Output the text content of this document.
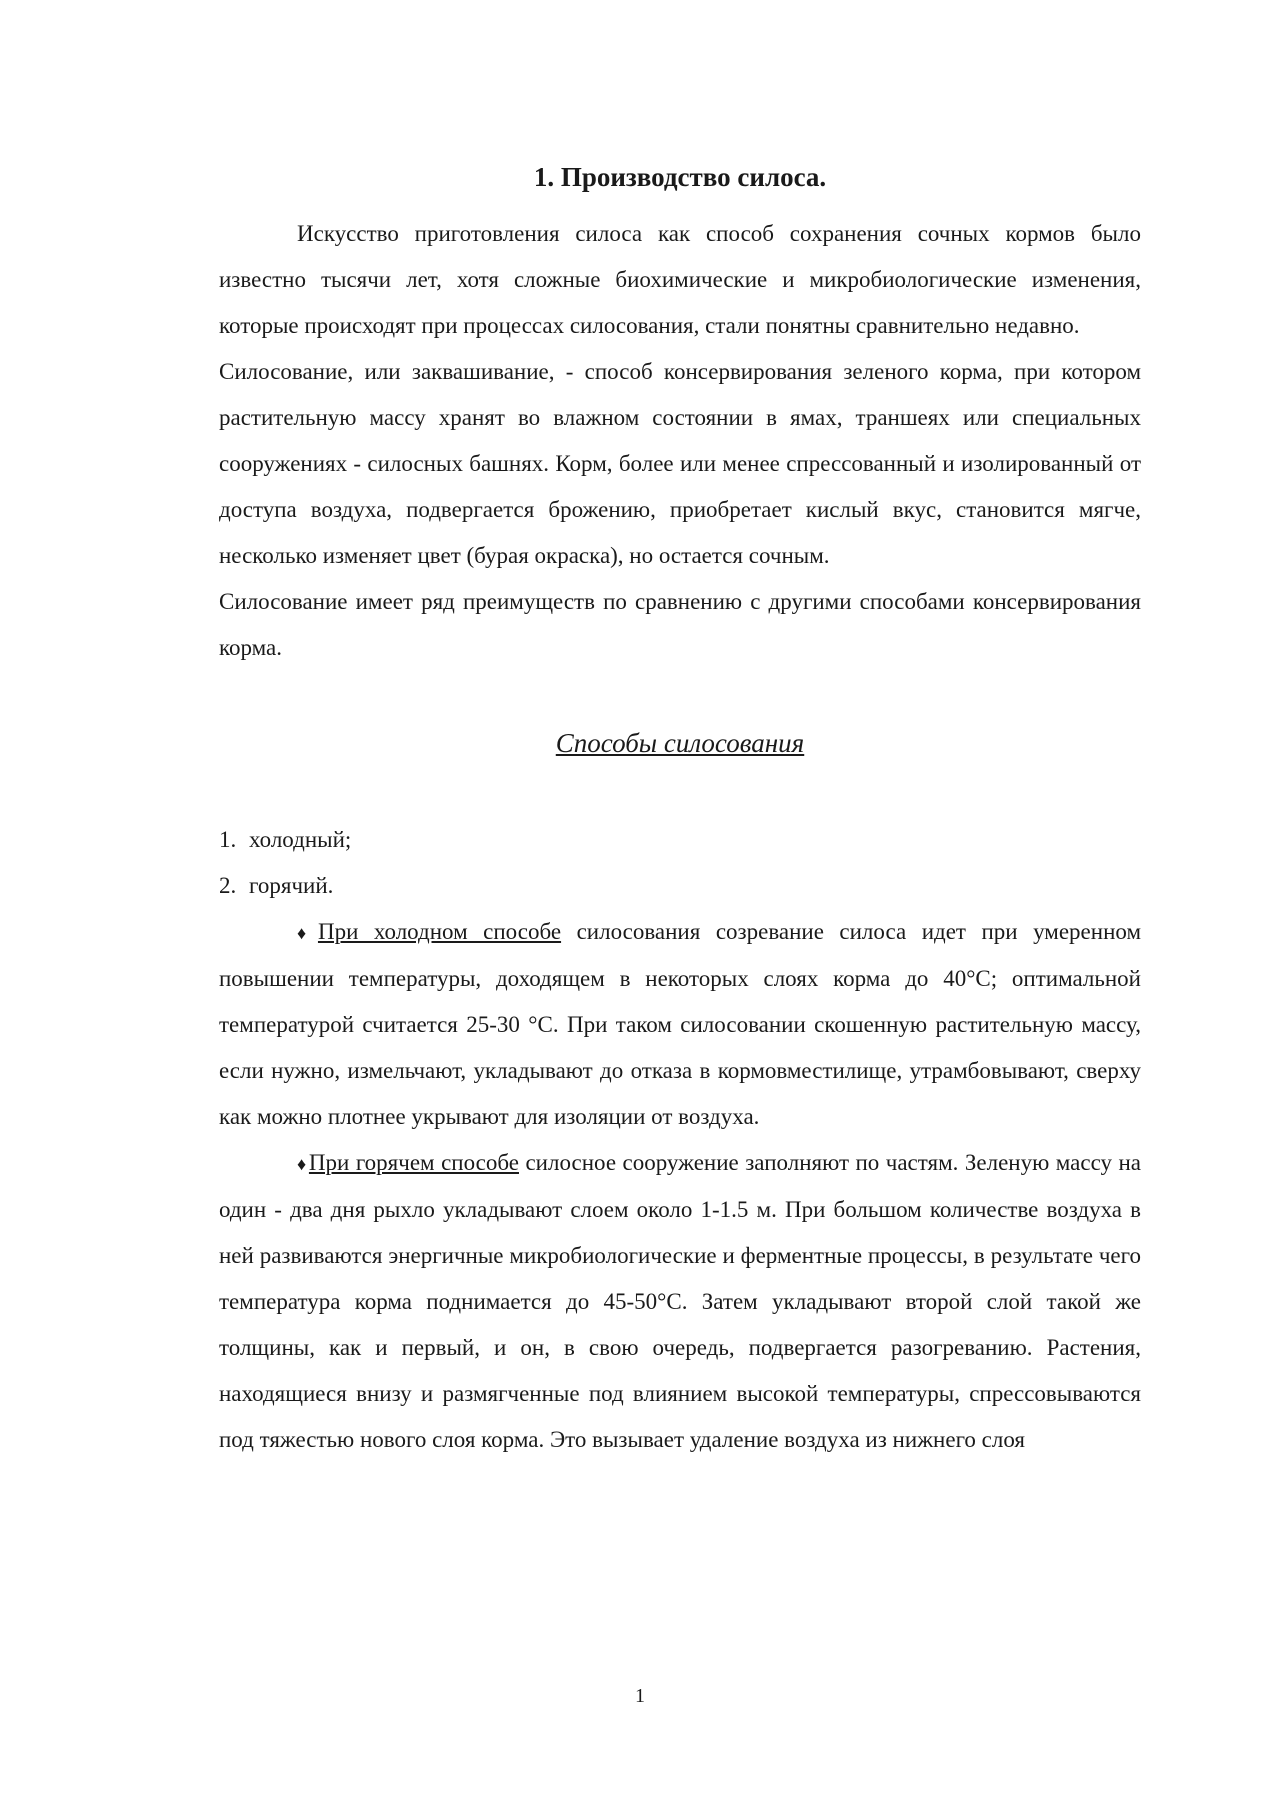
1. Производство силоса.

Искусство приготовления силоса как способ сохранения сочных кормов было известно тысячи лет, хотя сложные биохимические и микробиологические изменения, которые происходят при процессах силосования, стали понятны сравнительно недавно.

Силосование, или заквашивание, - способ консервирования зеленого корма, при котором растительную массу хранят во влажном состоянии в ямах, траншеях или специальных сооружениях - силосных башнях. Корм, более или менее спрессованный и изолированный от доступа воздуха, подвергается брожению, приобретает кислый вкус, становится мягче, несколько изменяет цвет (бурая окраска), но остается сочным.

Силосование имеет ряд преимуществ по сравнению с другими способами консервирования корма.

Способы силосования
1. холодный;
2. горячий.

♦При холодном способе силосования созревание силоса идет при умеренном повышении температуры, доходящем в некоторых слоях корма до 40°С; оптимальной температурой считается 25-30 °С. При таком силосовании скошенную растительную массу, если нужно, измельчают, укладывают до отказа в кормовместилище, утрамбовывают, сверху как можно плотнее укрывают для изоляции от воздуха.

♦При горячем способе силосное сооружение заполняют по частям. Зеленую массу на один - два дня рыхло укладывают слоем около 1-1.5 м. При большом количестве воздуха в ней развиваются энергичные микробиологические и ферментные процессы, в результате чего температура корма поднимается до 45-50°С. Затем укладывают второй слой такой же толщины, как и первый, и он, в свою очередь, подвергается разогреванию. Растения, находящиеся внизу и размягченные под влиянием высокой температуры, спрессовываются под тяжестью нового слоя корма. Это вызывает удаление воздуха из нижнего слоя

1
